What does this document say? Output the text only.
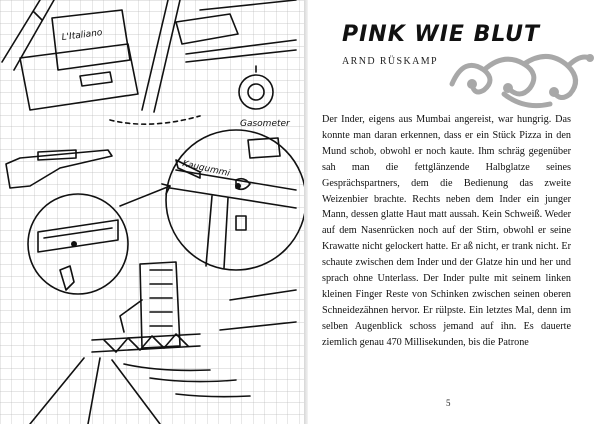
L'Italiano
Gasometer
Kaugummi
PINK WIE BLUT
ARND RÜSKAMP

Der Inder, eigens aus Mumbai angereist, war hungrig. Das konnte man daran erkennen, dass er ein Stück Pizza in den Mund schob, obwohl er noch kaute. Ihm schräg gegenüber sah man die fettglänzende Halbglatze seines Gesprächspartners, dem die Bedienung das zweite Weizenbier brachte. Rechts neben dem Inder ein junger Mann, dessen glatte Haut matt aussah. Kein Schweiß. Weder auf dem Nasenrücken noch auf der Stirn, obwohl er seine Krawatte nicht gelockert hatte. Er aß nicht, er trank nicht. Er schaute zwischen dem Inder und der Glatze hin und her und sprach ohne Unterlass. Der Inder pulte mit seinem linken kleinen Finger Reste von Schinken zwischen seinen oberen Schneidezähnen hervor. Er rülpste. Ein letztes Mal, denn im selben Augenblick schoss jemand auf ihn. Es dauerte ziemlich genau 470 Millisekunden, bis die Patrone

5
